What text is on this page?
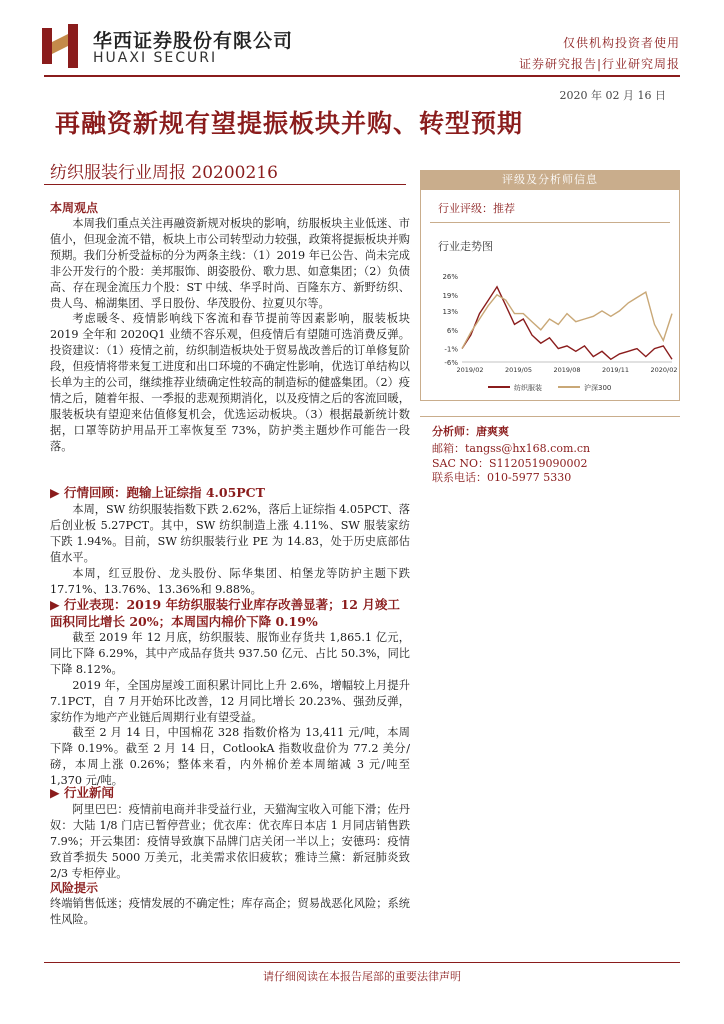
华西证券股份有限公司
HUAXI SECURI
仅供机构投资者使用
证券研究报告|行业研究周报
2020 年 02 月 16 日
再融资新规有望提振板块并购、转型预期
纺织服装行业周报 20200216	评级及分析师信息
行业评级：推荐
行业走势图
26%
19%
13%
6%
-1%
-6%
2019/02	2019/05	2019/08	2019/11	2020/02
纺织服装	沪深300
分析师：唐爽爽
邮箱：tangss@hx168.com.cn
SAC NO：S1120519090002
联系电话：010-5977 5330
本周观点

本周我们重点关注再融资新规对板块的影响，纺服板块主业低迷、市值小，但现金流不错，板块上市公司转型动力较强，政策将提振板块并购预期。我们分析受益标的分为两条主线：（1）2019 年已公告、尚未完成非公开发行的个股：美邦服饰、朗姿股份、歌力思、如意集团；（2）负债高、存在现金流压力个股：ST 中绒、华孚时尚、百隆东方、新野纺织、贵人鸟、棉湖集团、孚日股份、华茂股份、拉夏贝尔等。

考虑暖冬、疫情影响线下客流和春节提前等因素影响，服装板块 2019 全年和 2020Q1 业绩不容乐观，但疫情后有望随可选消费反弹。投资建议：（1）疫情之前，纺织制造板块处于贸易战改善后的订单修复阶段，但疫情将带来复工进度和出口环境的不确定性影响，优选订单结构以长单为主的公司，继续推荐业绩确定性较高的制造标的健盛集团。（2）疫情之后，随着年报、一季报的悲观预期消化，以及疫情之后的客流回暖，服装板块有望迎来估值修复机会，优选运动板块。（3）根据最新统计数据，口罩等防护用品开工率恢复至 73%，防护类主题炒作可能告一段落。

▶ 行情回顾：跑输上证综指 4.05PCT

本周，SW 纺织服装指数下跌 2.62%，落后上证综指 4.05PCT、落后创业板 5.27PCT。其中，SW 纺织制造上涨 4.11%、SW 服装家纺下跌 1.94%。目前，SW 纺织服装行业 PE 为 14.83，处于历史底部估值水平。

本周，红豆股份、龙头股份、际华集团、柏堡龙等防护主题下跌 17.71%、13.76%、13.36%和 9.88%。

▶ 行业表现：2019 年纺织服装行业库存改善显著；12 月竣工面积同比增长 20%；本周国内棉价下降 0.19%

截至 2019 年 12 月底，纺织服装、服饰业存货共 1,865.1 亿元，同比下降 6.29%，其中产成品存货共 937.50 亿元、占比 50.3%，同比下降 8.12%。

2019 年，全国房屋竣工面积累计同比上升 2.6%，增幅较上月提升 7.1PCT，自 7 月开始环比改善，12 月同比增长 20.23%、强劲反弹，家纺作为地产产业链后周期行业有望受益。

截至 2 月 14 日，中国棉花 328 指数价格为 13,411 元/吨，本周下降 0.19%。截至 2 月 14 日，CotlookA 指数收盘价为 77.2 美分/磅，本周上涨 0.26%；整体来看，内外棉价差本周缩减 3 元/吨至 1,370 元/吨。

▶ 行业新闻

阿里巴巴：疫情前电商并非受益行业，天猫淘宝收入可能下滑；佐丹奴：大陆 1/8 门店已暂停营业；优衣库：优衣库日本店 1 月同店销售跌 7.9%；开云集团：疫情导致旗下品牌门店关闭一半以上；安德玛：疫情致首季损失 5000 万美元，北美需求依旧疲软；雅诗兰黛：新冠肺炎致 2/3 专柜停业。

风险提示

终端销售低迷；疫情发展的不确定性；库存高企；贸易战恶化风险；系统性风险。

请仔细阅读在本报告尾部的重要法律声明
